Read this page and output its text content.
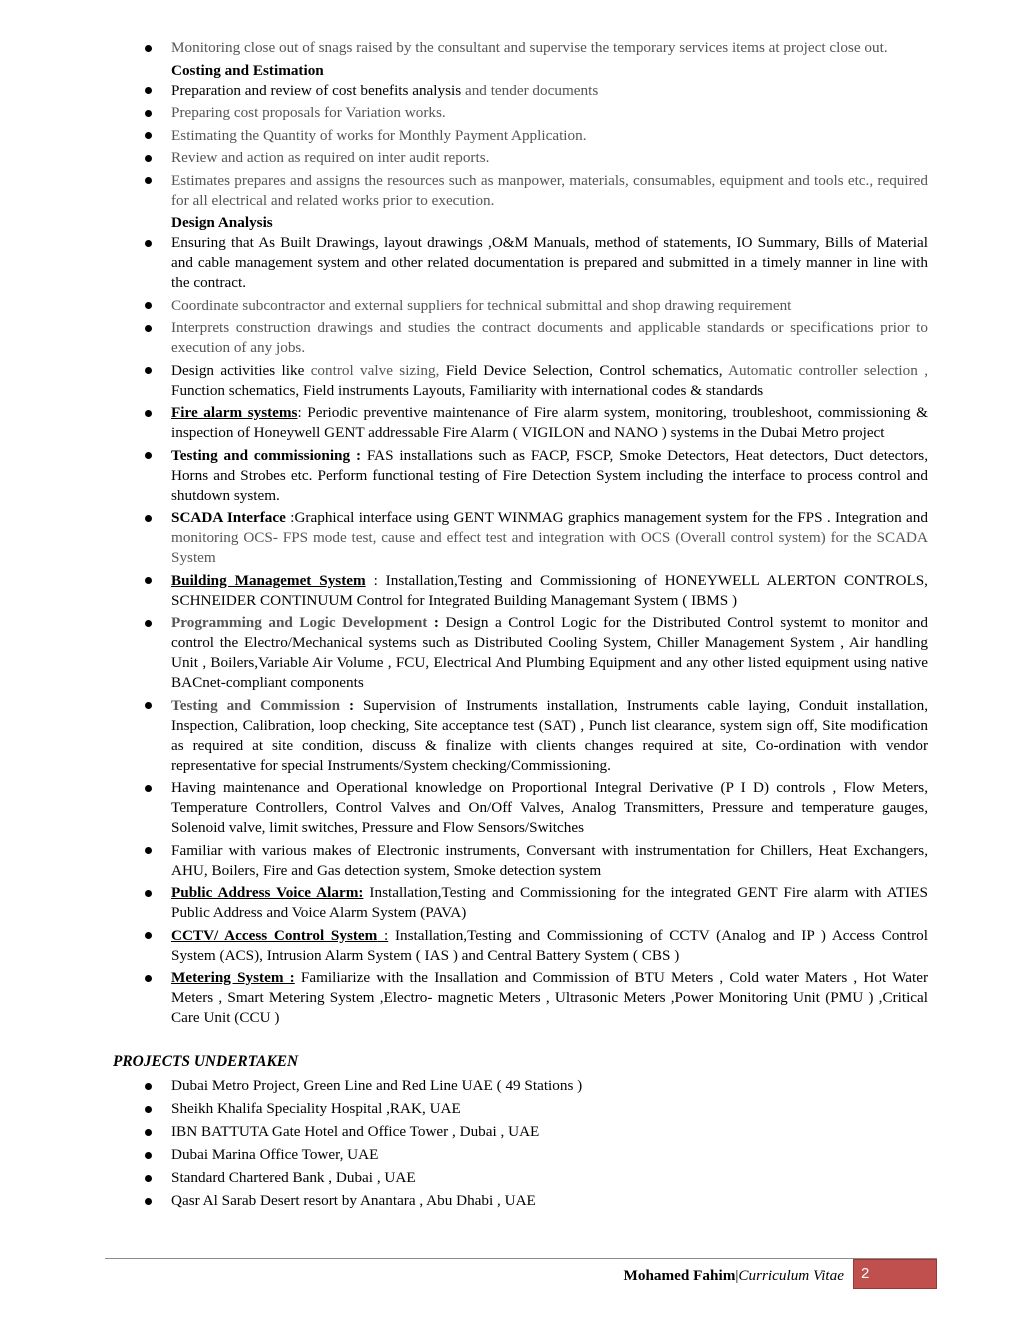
Monitoring close out of snags raised by the consultant and supervise the temporary services items at project close out.
Costing and Estimation
Preparation and review of cost benefits analysis and tender documents
Preparing cost proposals for Variation works.
Estimating the Quantity of works for Monthly Payment Application.
Review and action as required on inter audit reports.
Estimates prepares and assigns the resources such as manpower, materials, consumables, equipment and tools etc., required for all electrical and related works prior to execution.
Design Analysis
Ensuring that As Built Drawings, layout drawings ,O&M Manuals, method of statements, IO Summary, Bills of Material and cable management system and other related documentation is prepared and submitted in a timely manner in line with the contract.
Coordinate subcontractor and external suppliers for technical submittal and shop drawing requirement
Interprets construction drawings and studies the contract documents and applicable standards or specifications prior to execution of any jobs.
Design activities like control valve sizing, Field Device Selection, Control schematics, Automatic controller selection , Function schematics, Field instruments Layouts, Familiarity with international codes & standards
Fire alarm systems: Periodic preventive maintenance of Fire alarm system, monitoring, troubleshoot, commissioning & inspection of Honeywell GENT addressable Fire Alarm ( VIGILON and NANO ) systems in the Dubai Metro project
Testing and commissioning : FAS installations such as FACP, FSCP, Smoke Detectors, Heat detectors, Duct detectors, Horns and Strobes etc. Perform functional testing of Fire Detection System including the interface to process control and shutdown system.
SCADA Interface :Graphical interface using GENT WINMAG graphics management system for the FPS . Integration and monitoring OCS- FPS mode test, cause and effect test and integration with OCS (Overall control system) for the SCADA System
Building Managemet System : Installation,Testing and Commissioning of HONEYWELL ALERTON CONTROLS, SCHNEIDER CONTINUUM Control for Integrated Building Managemant System ( IBMS )
Programming and Logic Development : Design a Control Logic for the Distributed Control systemt to monitor and control the Electro/Mechanical systems such as Distributed Cooling System, Chiller Management System , Air handling Unit , Boilers,Variable Air Volume , FCU, Electrical And Plumbing Equipment and any other listed equipment using native BACnet-compliant components
Testing and Commission : Supervision of Instruments installation, Instruments cable laying, Conduit installation, Inspection, Calibration, loop checking, Site acceptance test (SAT) , Punch list clearance, system sign off, Site modification as required at site condition, discuss & finalize with clients changes required at site, Co-ordination with vendor representative for special Instruments/System checking/Commissioning.
Having maintenance and Operational knowledge on Proportional Integral Derivative (P I D) controls , Flow Meters, Temperature Controllers, Control Valves and On/Off Valves, Analog Transmitters, Pressure and temperature gauges, Solenoid valve, limit switches, Pressure and Flow Sensors/Switches
Familiar with various makes of Electronic instruments, Conversant with instrumentation for Chillers, Heat Exchangers, AHU, Boilers, Fire and Gas detection system, Smoke detection system
Public Address Voice Alarm: Installation,Testing and Commissioning for the integrated GENT Fire alarm with ATIES Public Address and Voice Alarm System (PAVA)
CCTV/ Access Control System : Installation,Testing and Commissioning of CCTV (Analog and IP ) Access Control System (ACS), Intrusion Alarm System ( IAS ) and Central Battery System ( CBS )
Metering System : Familiarize with the Insallation and Commission of BTU Meters , Cold water Maters , Hot Water Meters , Smart Metering System ,Electro- magnetic Meters , Ultrasonic Meters ,Power Monitoring Unit (PMU ) ,Critical Care Unit (CCU )
PROJECTS UNDERTAKEN
Dubai Metro Project, Green Line and Red Line UAE ( 49 Stations )
Sheikh Khalifa Speciality Hospital ,RAK, UAE
IBN BATTUTA Gate Hotel and Office Tower , Dubai , UAE
Dubai Marina Office Tower, UAE
Standard Chartered Bank , Dubai , UAE
Qasr Al Sarab Desert resort by Anantara , Abu Dhabi , UAE
Mohamed Fahim|Curriculum Vitae 2
